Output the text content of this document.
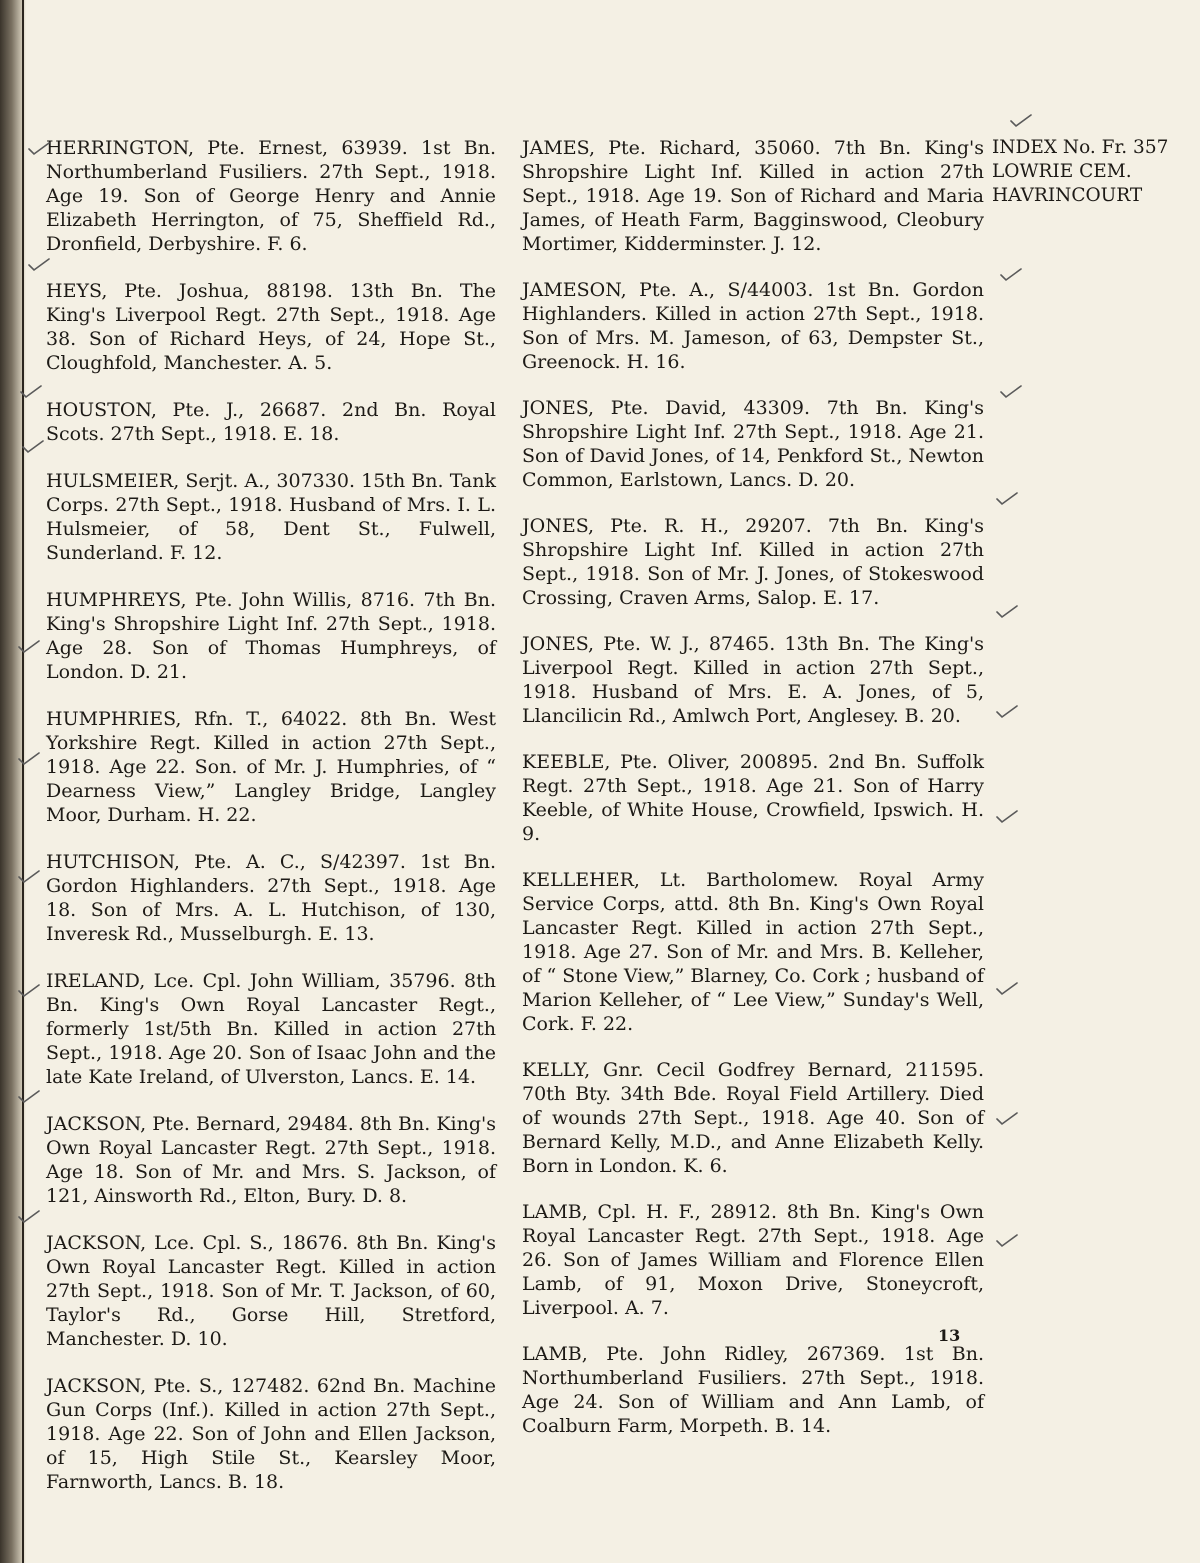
HERRINGTON, Pte. Ernest, 63939. 1st Bn. Northumberland Fusiliers. 27th Sept., 1918. Age 19. Son of George Henry and Annie Elizabeth Herrington, of 75, Sheffield Rd., Dronfield, Derbyshire. F. 6.

HEYS, Pte. Joshua, 88198. 13th Bn. The King's Liverpool Regt. 27th Sept., 1918. Age 38. Son of Richard Heys, of 24, Hope St., Cloughfold, Manchester. A. 5.

HOUSTON, Pte. J., 26687. 2nd Bn. Royal Scots. 27th Sept., 1918. E. 18.

HULSMEIER, Serjt. A., 307330. 15th Bn. Tank Corps. 27th Sept., 1918. Husband of Mrs. I. L. Hulsmeier, of 58, Dent St., Fulwell, Sunderland. F. 12.

HUMPHREYS, Pte. John Willis, 8716. 7th Bn. King's Shropshire Light Inf. 27th Sept., 1918. Age 28. Son of Thomas Humphreys, of London. D. 21.

HUMPHRIES, Rfn. T., 64022. 8th Bn. West Yorkshire Regt. Killed in action 27th Sept., 1918. Age 22. Son. of Mr. J. Humphries, of “ Dearness View,” Langley Bridge, Langley Moor, Durham. H. 22.

HUTCHISON, Pte. A. C., S/42397. 1st Bn. Gordon Highlanders. 27th Sept., 1918. Age 18. Son of Mrs. A. L. Hutchison, of 130, Inveresk Rd., Musselburgh. E. 13.

IRELAND, Lce. Cpl. John William, 35796. 8th Bn. King's Own Royal Lancaster Regt., formerly 1st/5th Bn. Killed in action 27th Sept., 1918. Age 20. Son of Isaac John and the late Kate Ireland, of Ulverston, Lancs. E. 14.

JACKSON, Pte. Bernard, 29484. 8th Bn. King's Own Royal Lancaster Regt. 27th Sept., 1918. Age 18. Son of Mr. and Mrs. S. Jackson, of 121, Ainsworth Rd., Elton, Bury. D. 8.

JACKSON, Lce. Cpl. S., 18676. 8th Bn. King's Own Royal Lancaster Regt. Killed in action 27th Sept., 1918. Son of Mr. T. Jackson, of 60, Taylor's Rd., Gorse Hill, Stretford, Manchester. D. 10.

JACKSON, Pte. S., 127482. 62nd Bn. Machine Gun Corps (Inf.). Killed in action 27th Sept., 1918. Age 22. Son of John and Ellen Jackson, of 15, High Stile St., Kearsley Moor, Farnworth, Lancs. B. 18.

JAMES, Pte. Richard, 35060. 7th Bn. King's Shropshire Light Inf. Killed in action 27th Sept., 1918. Age 19. Son of Richard and Maria James, of Heath Farm, Bagginswood, Cleobury Mortimer, Kidderminster. J. 12.

JAMESON, Pte. A., S/44003. 1st Bn. Gordon Highlanders. Killed in action 27th Sept., 1918. Son of Mrs. M. Jameson, of 63, Dempster St., Greenock. H. 16.

JONES, Pte. David, 43309. 7th Bn. King's Shropshire Light Inf. 27th Sept., 1918. Age 21. Son of David Jones, of 14, Penkford St., Newton Common, Earlstown, Lancs. D. 20.

JONES, Pte. R. H., 29207. 7th Bn. King's Shropshire Light Inf. Killed in action 27th Sept., 1918. Son of Mr. J. Jones, of Stokeswood Crossing, Craven Arms, Salop. E. 17.

JONES, Pte. W. J., 87465. 13th Bn. The King's Liverpool Regt. Killed in action 27th Sept., 1918. Husband of Mrs. E. A. Jones, of 5, Llancilicin Rd., Amlwch Port, Anglesey. B. 20.

KEEBLE, Pte. Oliver, 200895. 2nd Bn. Suffolk Regt. 27th Sept., 1918. Age 21. Son of Harry Keeble, of White House, Crowfield, Ipswich. H. 9.

KELLEHER, Lt. Bartholomew. Royal Army Service Corps, attd. 8th Bn. King's Own Royal Lancaster Regt. Killed in action 27th Sept., 1918. Age 27. Son of Mr. and Mrs. B. Kelleher, of “ Stone View,” Blarney, Co. Cork ; husband of Marion Kelleher, of “ Lee View,” Sunday's Well, Cork. F. 22.

KELLY, Gnr. Cecil Godfrey Bernard, 211595. 70th Bty. 34th Bde. Royal Field Artillery. Died of wounds 27th Sept., 1918. Age 40. Son of Bernard Kelly, M.D., and Anne Elizabeth Kelly. Born in London. K. 6.

LAMB, Cpl. H. F., 28912. 8th Bn. King's Own Royal Lancaster Regt. 27th Sept., 1918. Age 26. Son of James William and Florence Ellen Lamb, of 91, Moxon Drive, Stoneycroft, Liverpool. A. 7.

LAMB, Pte. John Ridley, 267369. 1st Bn. Northumberland Fusiliers. 27th Sept., 1918. Age 24. Son of William and Ann Lamb, of Coalburn Farm, Morpeth. B. 14.

INDEX No. Fr. 357
LOWRIE CEM.
HAVRINCOURT
13
